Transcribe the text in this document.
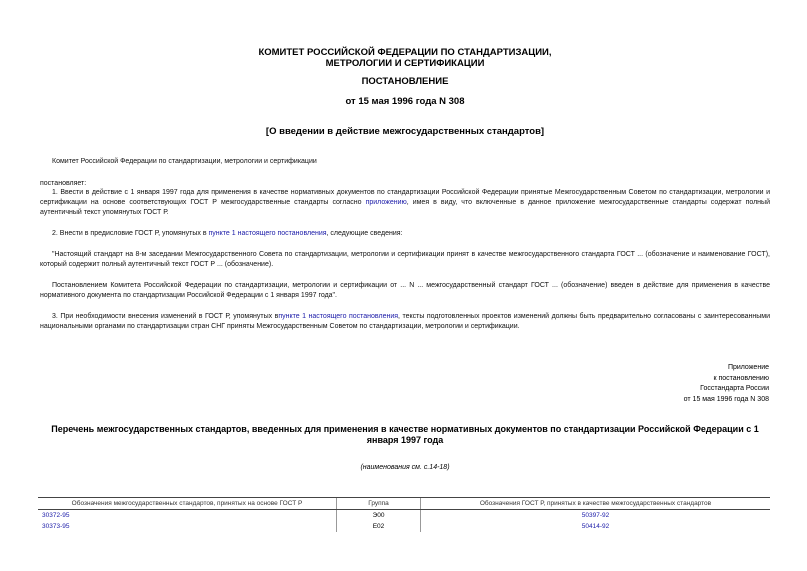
КОМИТЕТ РОССИЙСКОЙ ФЕДЕРАЦИИ ПО СТАНДАРТИЗАЦИИ,
МЕТРОЛОГИИ И СЕРТИФИКАЦИИ
ПОСТАНОВЛЕНИЕ
от 15 мая 1996 года N 308
[О введении в действие межгосударственных стандартов]
Комитет Российской Федерации по стандартизации, метрологии и сертификации
постановляет:
1. Ввести в действие с 1 января 1997 года для применения в качестве нормативных документов по стандартизации Российской Федерации принятые Межгосударственным Советом по стандартизации, метрологии и сертификации на основе соответствующих ГОСТ Р межгосударственные стандарты согласно приложению, имея в виду, что включенные в данное приложение межгосударственные стандарты содержат полный аутентичный текст упомянутых ГОСТ Р.
2. Внести в предисловие ГОСТ Р, упомянутых в пункте 1 настоящего постановления, следующие сведения:
"Настоящий стандарт на 8-м заседании Межгосударственного Совета по стандартизации, метрологии и сертификации принят в качестве межгосударственного стандарта ГОСТ ... (обозначение и наименование ГОСТ), который содержит полный аутентичный текст ГОСТ Р ... (обозначение).
Постановлением Комитета Российской Федерации по стандартизации, метрологии и сертификации от ... N ... межгосударственный стандарт ГОСТ ... (обозначение) введен в действие для применения в качестве нормативного документа по стандартизации Российской Федерации с 1 января 1997 года".
3. При необходимости внесения изменений в ГОСТ Р, упомянутых впункте 1 настоящего постановления, тексты подготовленных проектов изменений должны быть предварительно согласованы с заинтересованными национальными органами по стандартизации стран СНГ приняты Межгосударственным Советом по стандартизации, метрологии и сертификации.
Приложение
к постановлению
Госстандарта России
от 15 мая 1996 года N 308
Перечень межгосударственных стандартов, введенных для применения в качестве нормативных документов по стандартизации Российской Федерации с 1 января 1997 года
(наименования см. с.14-18)
Обозначения межгосударственных стандартов, принятых на основе ГОСТ Р	Группа	Обозначения ГОСТ Р, принятых в качестве межгосударственных стандартов
30372-95	Э00	50397-92
30373-95	Е02	50414-92
